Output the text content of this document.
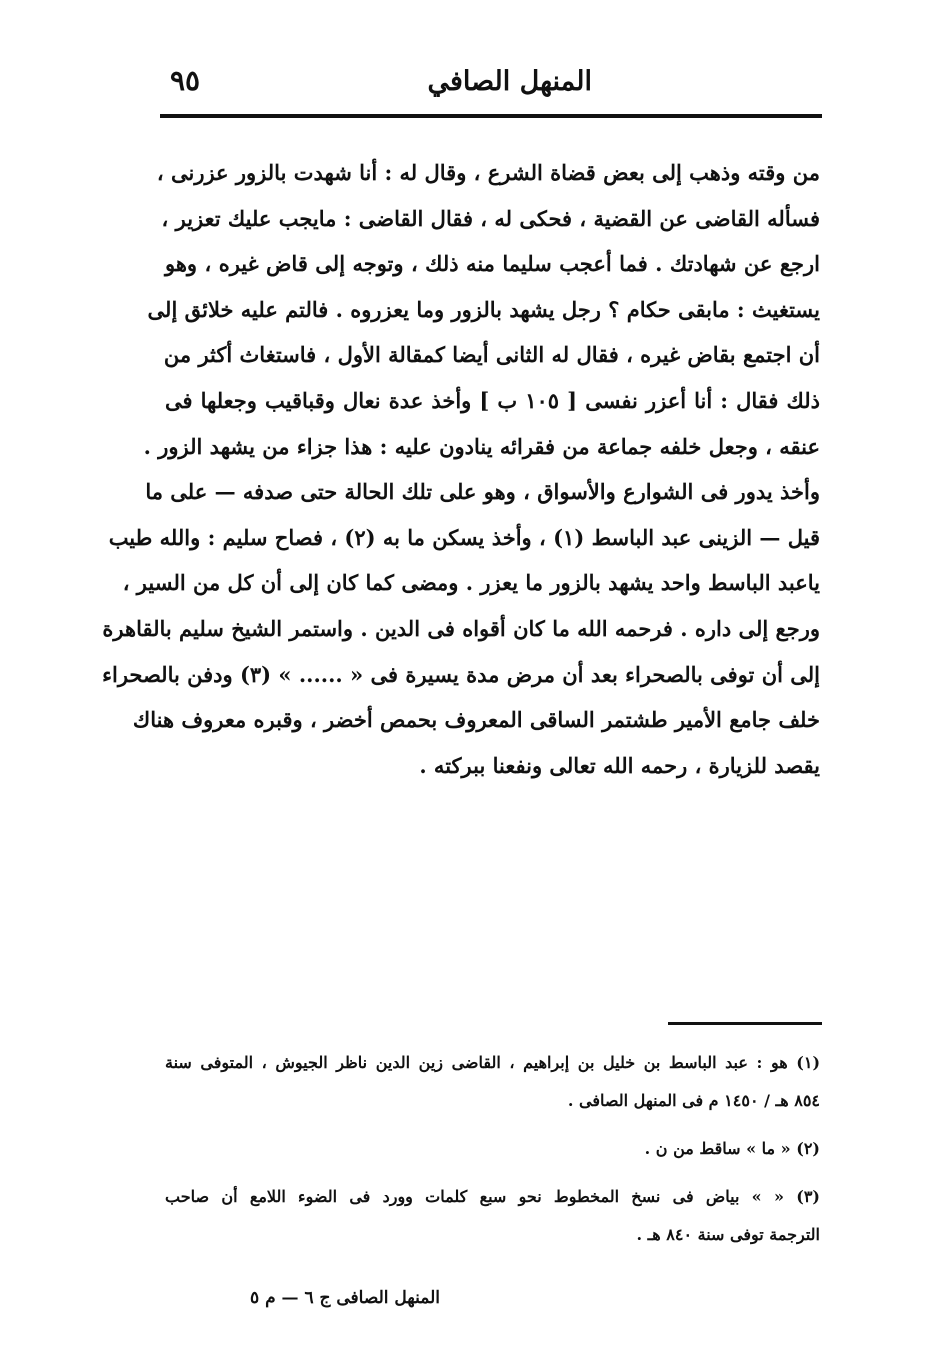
المنهل الصافي
٩٥
من وقته وذهب إلى بعض قضاة الشرع ، وقال له : أنا شهدت بالزور عزرنى ،
فسأله القاضى عن القضية ، فحكى له ، فقال القاضى : مايجب عليك تعزير ،
ارجع عن شهادتك . فما أعجب سليما منه ذلك ، وتوجه إلى قاض غيره ، وهو
يستغيث : مابقى حكام ؟ رجل يشهد بالزور وما يعزروه . فالتم عليه خلائق إلى
أن اجتمع بقاض غيره ، فقال له الثانى أيضا كمقالة الأول ، فاستغاث أكثر من
ذلك فقال : أنا أعزر نفسى [ ١٠٥ ب ] وأخذ عدة نعال وقباقيب وجعلها فى
عنقه ، وجعل خلفه جماعة من فقرائه ينادون عليه : هذا جزاء من يشهد الزور .
وأخذ يدور فى الشوارع والأسواق ، وهو على تلك الحالة حتى صدفه — على ما
قيل — الزينى عبد الباسط (١) ، وأخذ يسكن ما به (٢) ، فصاح سليم : والله طيب
ياعبد الباسط واحد يشهد بالزور ما يعزر . ومضى كما كان إلى أن كل من السير ،
ورجع إلى داره . فرحمه الله ما كان أقواه فى الدين . واستمر الشيخ سليم بالقاهرة
إلى أن توفى بالصحراء بعد أن مرض مدة يسيرة فى « ...... » (٣) ودفن بالصحراء
خلف جامع الأمير طشتمر الساقى المعروف بحمص أخضر ، وقبره معروف هناك
يقصد للزيارة ، رحمه الله تعالى ونفعنا ببركته .
(١) هو : عبد الباسط بن خليل بن إبراهيم ، القاضى زين الدين ناظر الجيوش ، المتوفى سنة
٨٥٤ هـ / ١٤٥٠ م فى المنهل الصافى .
(٢) « ما » ساقط من ن .
(٣) « » بياض فى نسخ المخطوط نحو سبع كلمات وورد فى الضوء اللامع أن صاحب
الترجمة توفى سنة ٨٤٠ هـ .
المنهل الصافى ج ٦ — م ٥
